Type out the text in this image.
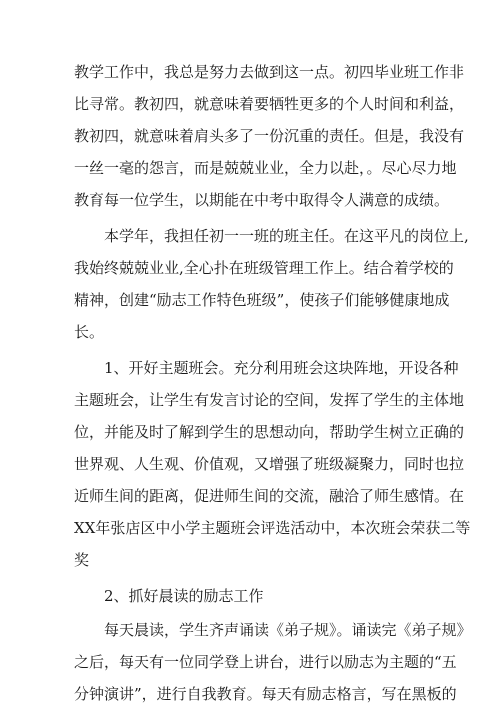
教学工作中，我总是努力去做到这一点。初四毕业班工作非
比寻常。教初四，就意味着要牺牲更多的个人时间和利益，
教初四，就意味着肩头多了一份沉重的责任。但是，我没有
一丝一毫的怨言，而是兢兢业业，全力以赴，。尽心尽力地
教育每一位学生，以期能在中考中取得令人满意的成绩。
本学年，我担任初一一班的班主任。在这平凡的岗位上,
我始终兢兢业业,全心扑在班级管理工作上。结合着学校的
精神，创建“励志工作特色班级”，使孩子们能够健康地成
长。
1、开好主题班会。充分利用班会这块阵地，开设各种
主题班会，让学生有发言讨论的空间，发挥了学生的主体地
位，并能及时了解到学生的思想动向，帮助学生树立正确的
世界观、人生观、价值观，又增强了班级凝聚力，同时也拉
近师生间的距离，促进师生间的交流，融洽了师生感情。在
XX年张店区中小学主题班会评选活动中，本次班会荣获二等
奖
2、抓好晨读的励志工作
每天晨读，学生齐声诵读《弟子规》。诵读完《弟子规》
之后，每天有一位同学登上讲台，进行以励志为主题的“五
分钟演讲”，进行自我教育。每天有励志格言，写在黑板的
